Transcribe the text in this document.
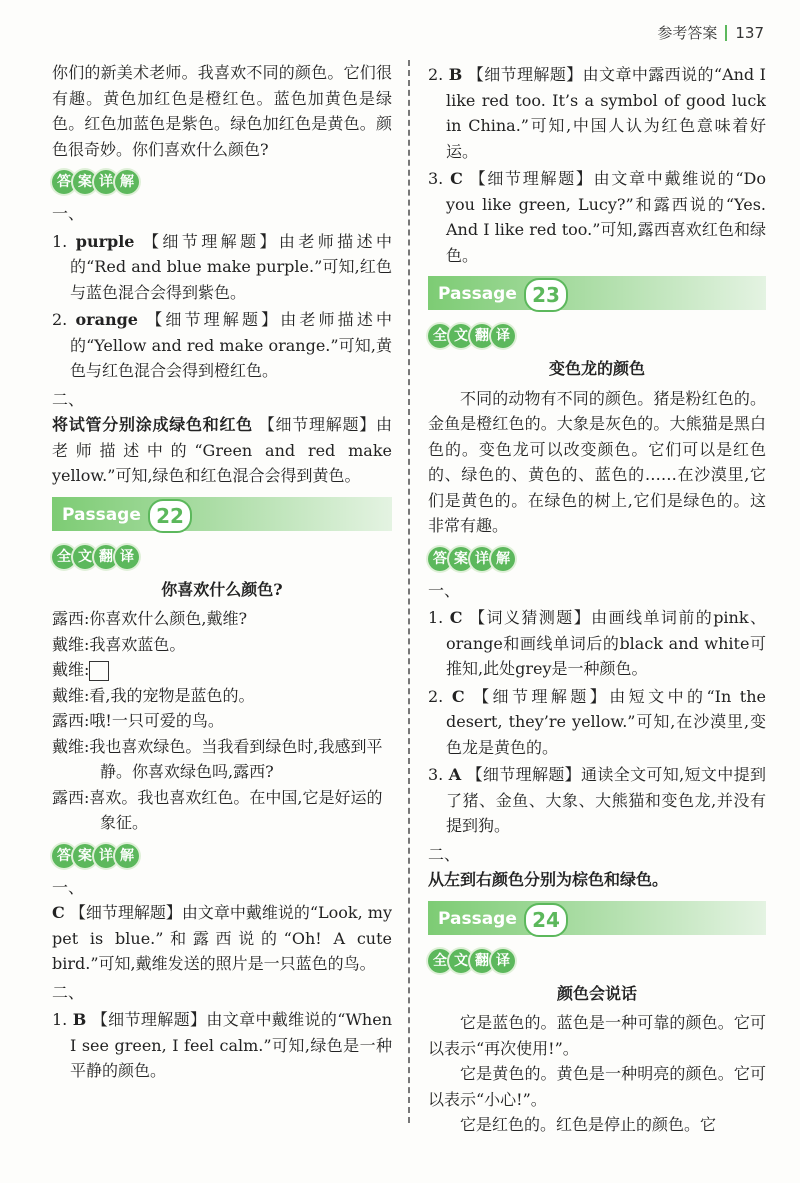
参考答案 137

你们的新美术老师。我喜欢不同的颜色。它们很有趣。黄色加红色是橙红色。蓝色加黄色是绿色。红色加蓝色是紫色。绿色加红色是黄色。颜色很奇妙。你们喜欢什么颜色?

答 案 详 解

一、

1. purple 【细节理解题】由老师描述中的“Red and blue make purple.”可知,红色与蓝色混合会得到紫色。

2. orange 【细节理解题】由老师描述中的“Yellow and red make orange.”可知,黄色与红色混合会得到橙红色。

二、

将试管分别涂成绿色和红色 【细节理解题】由老师描述中的“Green and red make yellow.”可知,绿色和红色混合会得到黄色。

Passage 22
全 文 翻 译

你喜欢什么颜色?

露西:你喜欢什么颜色,戴维?

戴维:我喜欢蓝色。

戴维:

戴维:看,我的宠物是蓝色的。

露西:哦!一只可爱的鸟。

戴维:我也喜欢绿色。当我看到绿色时,我感到平静。你喜欢绿色吗,露西?

露西:喜欢。我也喜欢红色。在中国,它是好运的象征。

答 案 详 解

一、

C 【细节理解题】由文章中戴维说的“Look, my pet is blue.”和露西说的“Oh! A cute bird.”可知,戴维发送的照片是一只蓝色的鸟。

二、

1. B 【细节理解题】由文章中戴维说的“When I see green, I feel calm.”可知,绿色是一种平静的颜色。

2. B 【细节理解题】由文章中露西说的“And I like red too. It’s a symbol of good luck in China.”可知,中国人认为红色意味着好运。

3. C 【细节理解题】由文章中戴维说的“Do you like green, Lucy?”和露西说的“Yes. And I like red too.”可知,露西喜欢红色和绿色。

Passage 23
全 文 翻 译

变色龙的颜色

不同的动物有不同的颜色。猪是粉红色的。金鱼是橙红色的。大象是灰色的。大熊猫是黑白色的。变色龙可以改变颜色。它们可以是红色的、绿色的、黄色的、蓝色的……在沙漠里,它们是黄色的。在绿色的树上,它们是绿色的。这非常有趣。

答 案 详 解

一、

1. C 【词义猜测题】由画线单词前的pink、orange和画线单词后的black and white可推知,此处grey是一种颜色。

2. C 【细节理解题】由短文中的“In the desert, they’re yellow.”可知,在沙漠里,变色龙是黄色的。

3. A 【细节理解题】通读全文可知,短文中提到了猪、金鱼、大象、大熊猫和变色龙,并没有提到狗。

二、

从左到右颜色分别为棕色和绿色。

Passage 24
全 文 翻 译

颜色会说话

它是蓝色的。蓝色是一种可靠的颜色。它可以表示“再次使用!”。

它是黄色的。黄色是一种明亮的颜色。它可以表示“小心!”。

它是红色的。红色是停止的颜色。它
